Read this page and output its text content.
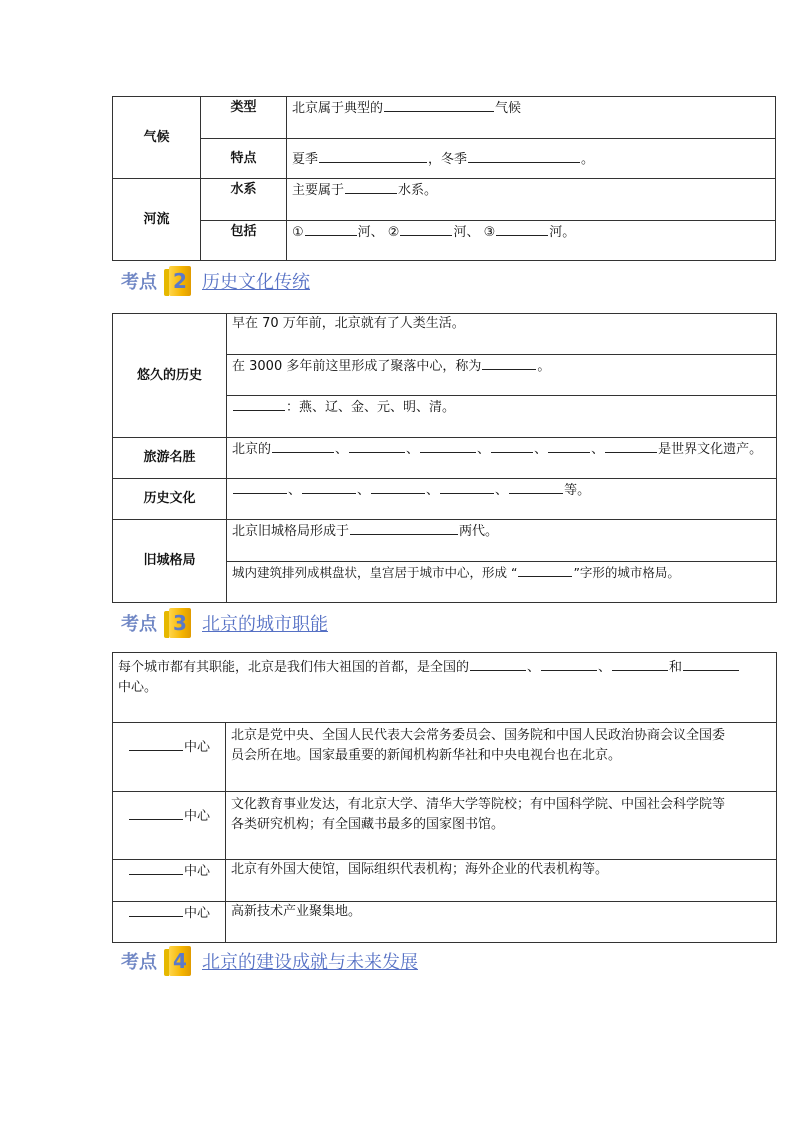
气候	类型	北京属于典型的 气候
	特点	夏季 ，冬季 。
河流	水系	主要属于 水系。
	包括	① 河、 ② 河、 ③ 河。
考点 2 历史文化传统
悠久的历史	早在 70 万年前，北京就有了人类生活。
	在 3000 多年前这里形成了聚落中心，称为 。
	：燕、辽、金、元、明、清。
旅游名胜	北京的 、 、 、 、 、 是世界文化遗产。
历史文化	、 、 、 、 等。
旧城格局	北京旧城格局形成于 两代。
	城内建筑排列成棋盘状，皇宫居于城市中心，形成 “ ”字形的城市格局。
考点 3 北京的城市职能
每个城市都有其职能，北京是我们伟大祖国的首都，是全国的 、 、 和
中心。	
中心	北京是党中央、全国人民代表大会常务委员会、国务院和中国人民政治协商会议全国委
员会所在地。国家最重要的新闻机构新华社和中央电视台也在北京。
中心	文化教育事业发达，有北京大学、清华大学等院校；有中国科学院、中国社会科学院等
各类研究机构；有全国藏书最多的国家图书馆。
中心	北京有外国大使馆，国际组织代表机构；海外企业的代表机构等。
中心	高新技术产业聚集地。
考点 4 北京的建设成就与未来发展
